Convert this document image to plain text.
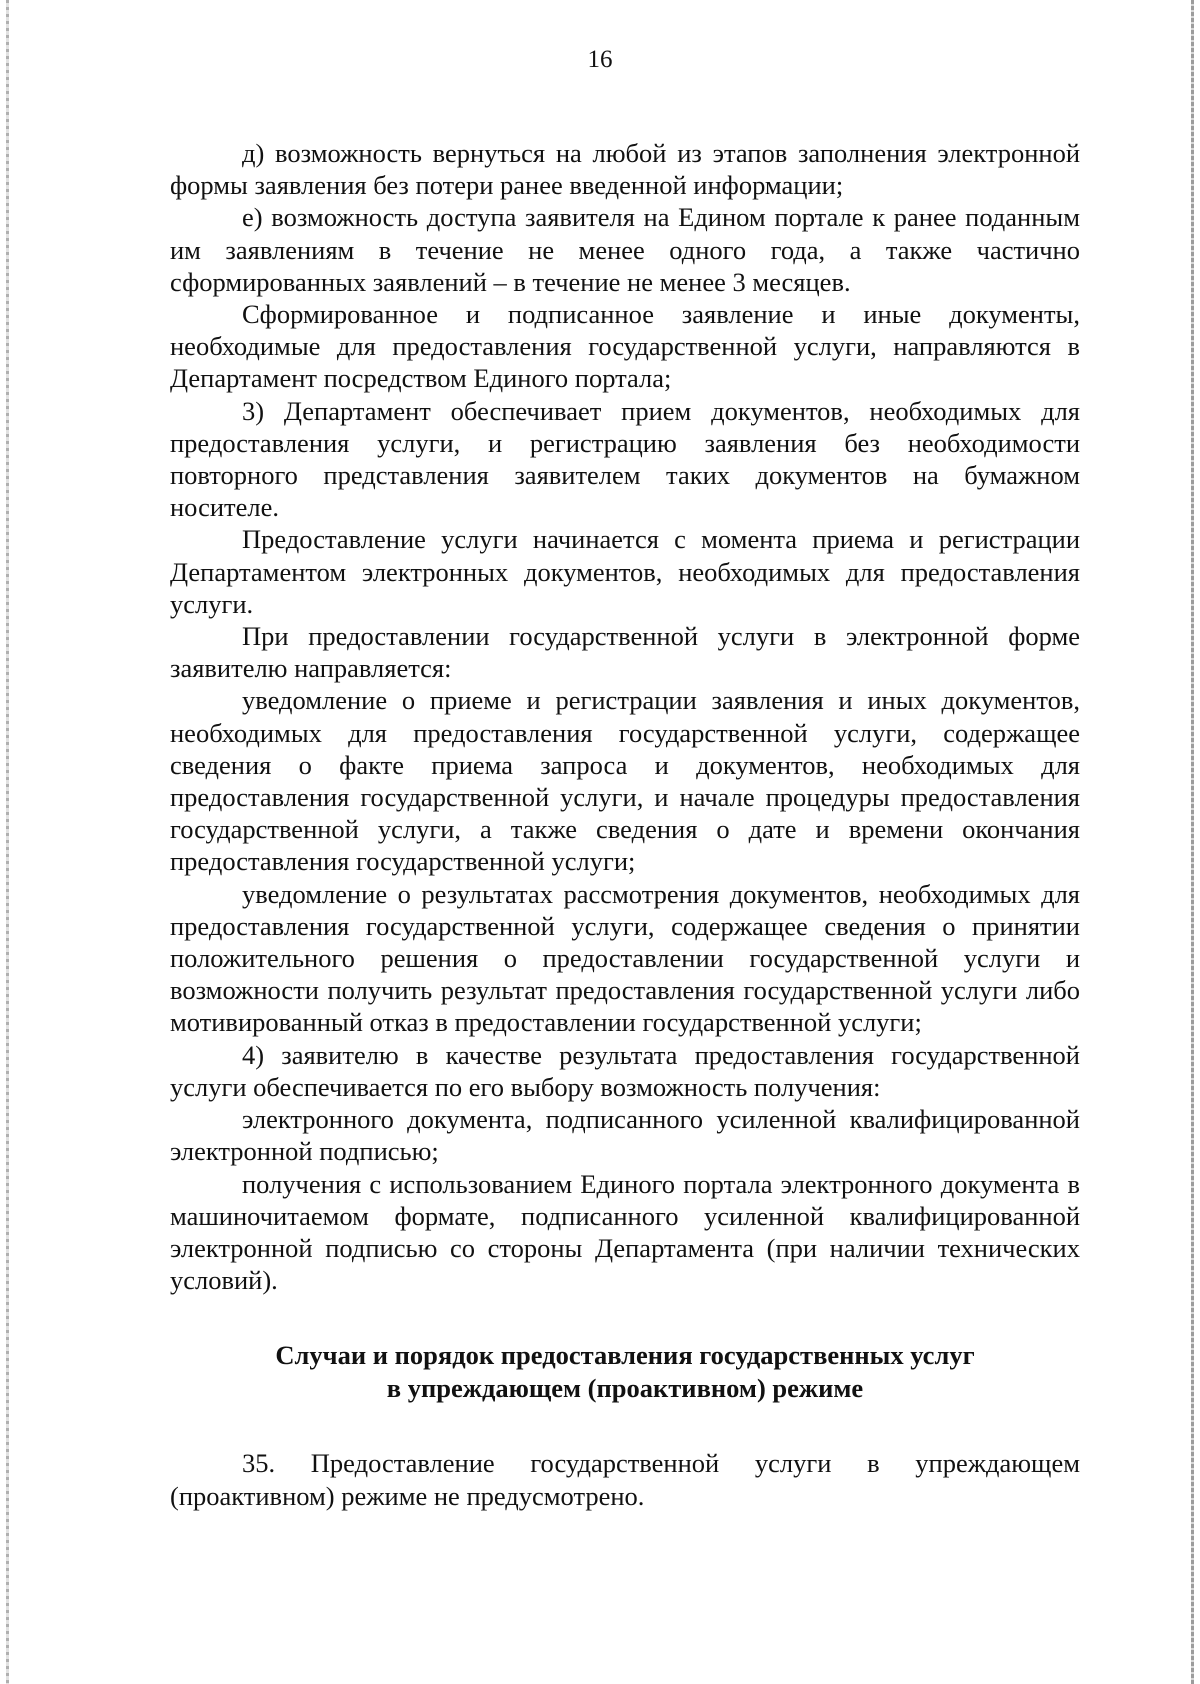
16

д) возможность вернуться на любой из этапов заполнения электронной формы заявления без потери ранее введенной информации;

е) возможность доступа заявителя на Едином портале к ранее поданным им заявлениям в течение не менее одного года, а также частично сформированных заявлений – в течение не менее 3 месяцев.

Сформированное и подписанное заявление и иные документы, необходимые для предоставления государственной услуги, направляются в Департамент посредством Единого портала;

3) Департамент обеспечивает прием документов, необходимых для предоставления услуги, и регистрацию заявления без необходимости повторного представления заявителем таких документов на бумажном носителе.

Предоставление услуги начинается с момента приема и регистрации Департаментом электронных документов, необходимых для предоставления услуги.

При предоставлении государственной услуги в электронной форме заявителю направляется:

уведомление о приеме и регистрации заявления и иных документов, необходимых для предоставления государственной услуги, содержащее сведения о факте приема запроса и документов, необходимых для предоставления государственной услуги, и начале процедуры предоставления государственной услуги, а также сведения о дате и времени окончания предоставления государственной услуги;

уведомление о результатах рассмотрения документов, необходимых для предоставления государственной услуги, содержащее сведения о принятии положительного решения о предоставлении государственной услуги и возможности получить результат предоставления государственной услуги либо мотивированный отказ в предоставлении государственной услуги;

4) заявителю в качестве результата предоставления государственной услуги обеспечивается по его выбору возможность получения:

электронного документа, подписанного усиленной квалифицированной электронной подписью;

получения с использованием Единого портала электронного документа в машиночитаемом формате, подписанного усиленной квалифицированной электронной подписью со стороны Департамента (при наличии технических условий).

Случаи и порядок предоставления государственных услуг
в упреждающем (проактивном) режиме

35. Предоставление государственной услуги в упреждающем (проактивном) режиме не предусмотрено.
